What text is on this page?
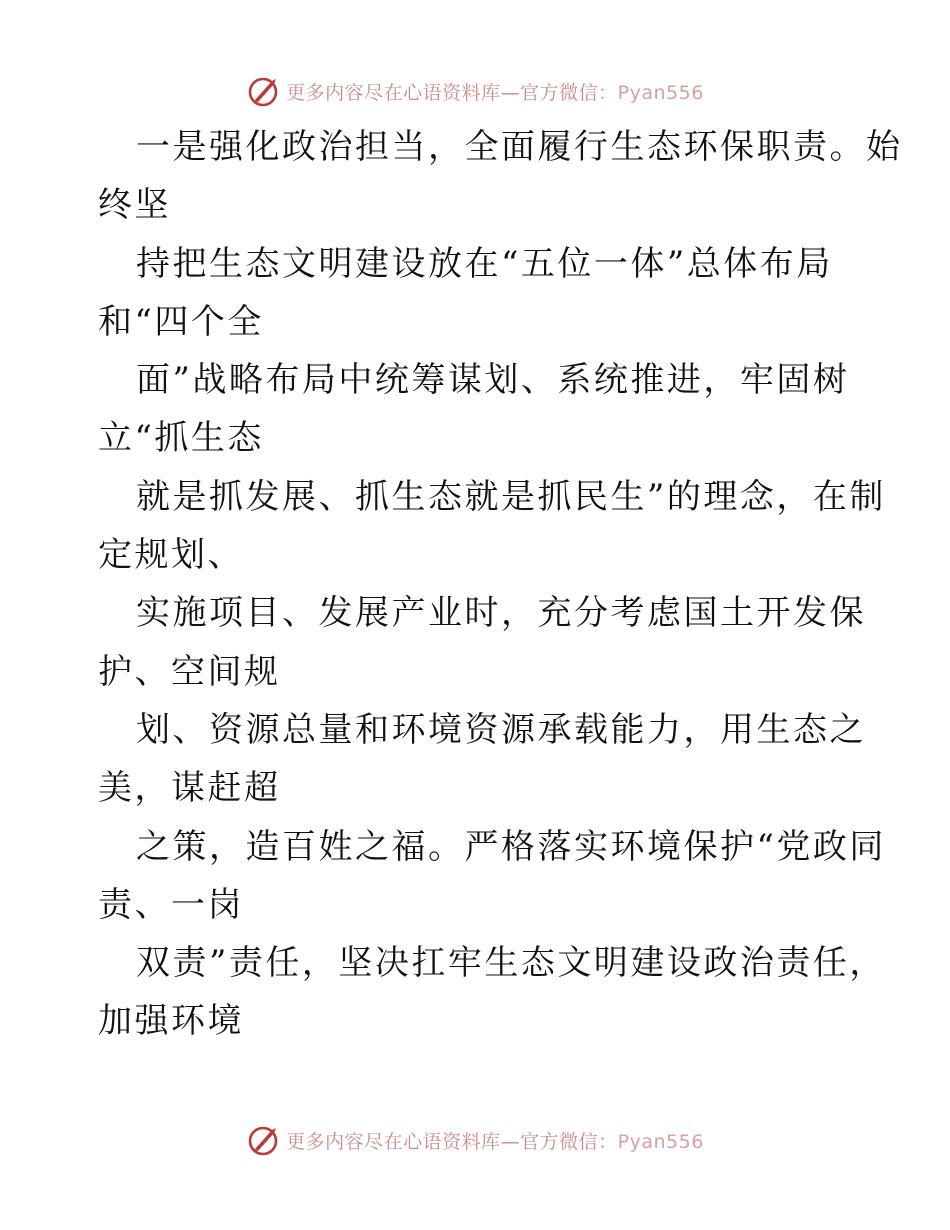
更多内容尽在心语资料库—官方微信：Pyan556
一是强化政治担当，全面履行生态环保职责。始
终坚
持把生态文明建设放在“五位一体”总体布局
和“四个全
面”战略布局中统筹谋划、系统推进，牢固树
立“抓生态
就是抓发展、抓生态就是抓民生”的理念，在制
定规划、
实施项目、发展产业时，充分考虑国土开发保
护、空间规
划、资源总量和环境资源承载能力，用生态之
美，谋赶超
之策，造百姓之福。严格落实环境保护“党政同
责、一岗
双责”责任，坚决扛牢生态文明建设政治责任，
加强环境
更多内容尽在心语资料库—官方微信：Pyan556
